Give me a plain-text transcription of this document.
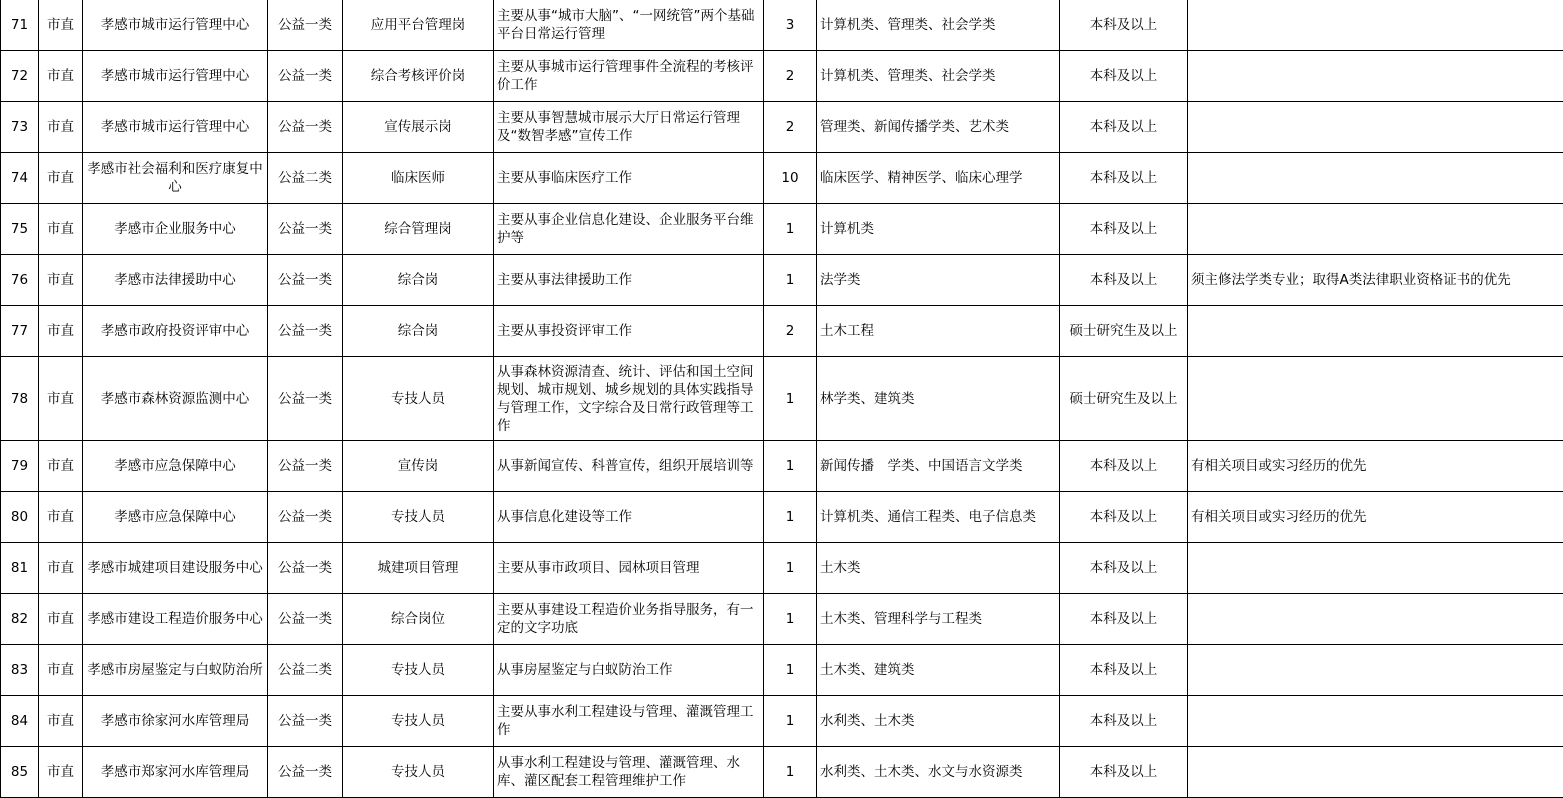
71	市直	孝感市城市运行管理中心	公益一类	应用平台管理岗	主要从事“城市大脑”、“一网统管”两个基础平台日常运行管理	3	计算机类、管理类、社会学类	本科及以上	
72	市直	孝感市城市运行管理中心	公益一类	综合考核评价岗	主要从事城市运行管理事件全流程的考核评价工作	2	计算机类、管理类、社会学类	本科及以上	
73	市直	孝感市城市运行管理中心	公益一类	宣传展示岗	主要从事智慧城市展示大厅日常运行管理及“数智孝感”宣传工作	2	管理类、新闻传播学类、艺术类	本科及以上	
74	市直	孝感市社会福利和医疗康复中心	公益二类	临床医师	主要从事临床医疗工作	10	临床医学、精神医学、临床心理学	本科及以上	
75	市直	孝感市企业服务中心	公益一类	综合管理岗	主要从事企业信息化建设、企业服务平台维护等	1	计算机类	本科及以上	
76	市直	孝感市法律援助中心	公益一类	综合岗	主要从事法律援助工作	1	法学类	本科及以上	须主修法学类专业；取得A类法律职业资格证书的优先
77	市直	孝感市政府投资评审中心	公益一类	综合岗	主要从事投资评审工作	2	土木工程	硕士研究生及以上	
78	市直	孝感市森林资源监测中心	公益一类	专技人员	从事森林资源清查、统计、评估和国土空间规划、城市规划、城乡规划的具体实践指导与管理工作，文字综合及日常行政管理等工作	1	林学类、建筑类	硕士研究生及以上	
79	市直	孝感市应急保障中心	公益一类	宣传岗	从事新闻宣传、科普宣传，组织开展培训等	1	新闻传播　学类、中国语言文学类	本科及以上	有相关项目或实习经历的优先
80	市直	孝感市应急保障中心	公益一类	专技人员	从事信息化建设等工作	1	计算机类、通信工程类、电子信息类	本科及以上	有相关项目或实习经历的优先
81	市直	孝感市城建项目建设服务中心	公益一类	城建项目管理	主要从事市政项目、园林项目管理	1	土木类	本科及以上	
82	市直	孝感市建设工程造价服务中心	公益一类	综合岗位	主要从事建设工程造价业务指导服务，有一定的文字功底	1	土木类、管理科学与工程类	本科及以上	
83	市直	孝感市房屋鉴定与白蚁防治所	公益二类	专技人员	从事房屋鉴定与白蚁防治工作	1	土木类、建筑类	本科及以上	
84	市直	孝感市徐家河水库管理局	公益一类	专技人员	主要从事水利工程建设与管理、灌溉管理工作	1	水利类、土木类	本科及以上	
85	市直	孝感市郑家河水库管理局	公益一类	专技人员	从事水利工程建设与管理、灌溉管理、水库、灌区配套工程管理维护工作	1	水利类、土木类、水文与水资源类	本科及以上	
